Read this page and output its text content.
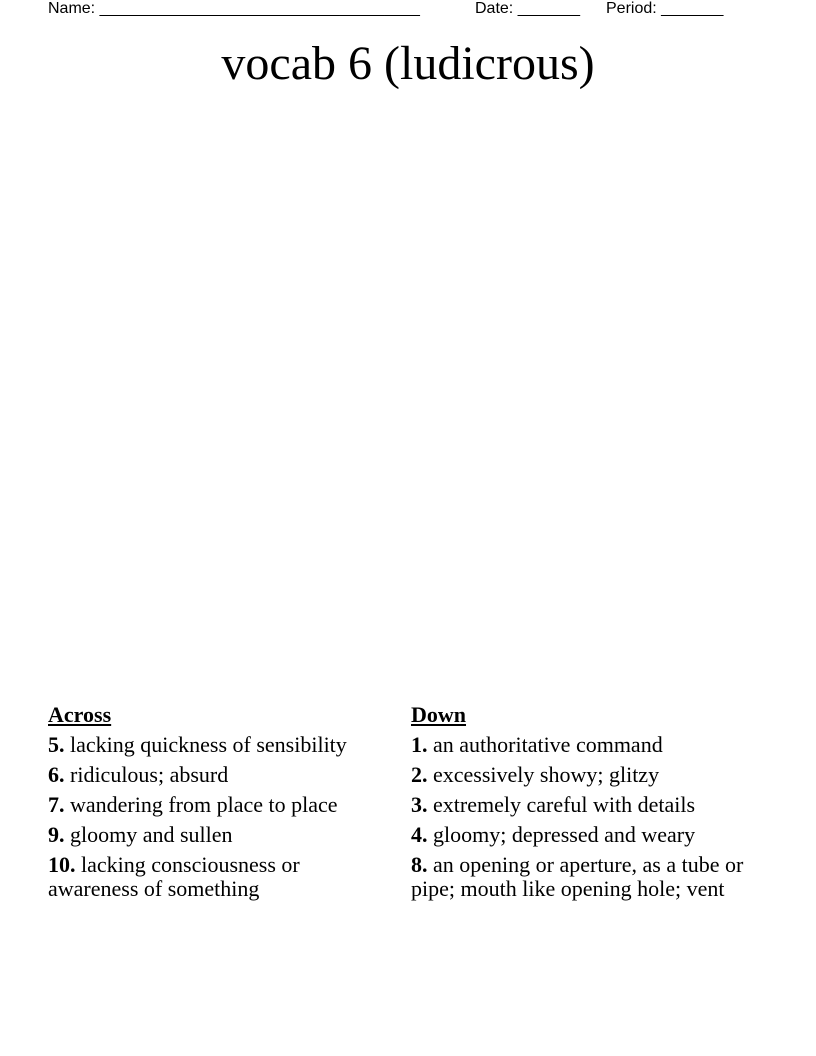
Name: ____________________________________	Date: _______ Period: _______
vocab 6 (ludicrous)
Across
5. lacking quickness of sensibility
6. ridiculous; absurd
7. wandering from place to place
9. gloomy and sullen
10. lacking consciousness or awareness of something
Down
1. an authoritative command
2. excessively showy; glitzy
3. extremely careful with details
4. gloomy; depressed and weary
8. an opening or aperture, as a tube or pipe; mouth like opening hole; vent
